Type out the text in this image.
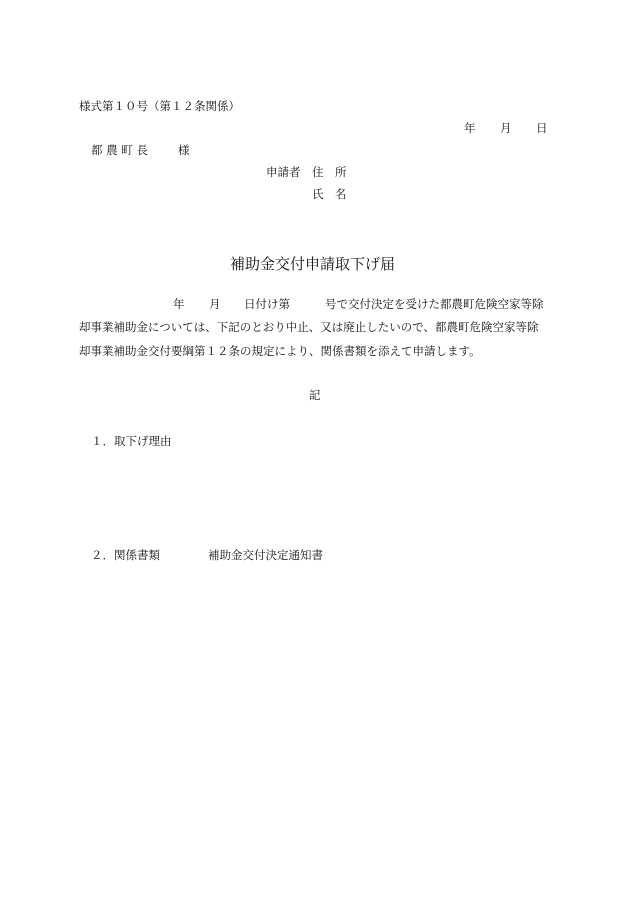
様式第１０号（第１２条関係）
年 月 日
都 農 町 長	様
申請者 住　所
氏　名
補助金交付申請取下げ届
年 月 日付け第	号で交付決定を受けた都農町危険空家等除
却事業補助金については、下記のとおり中止、又は廃止したいので、都農町危険空家等除
却事業補助金交付要綱第１２条の規定により、関係書類を添えて申請します。
記
１．取下げ理由
２．関係書類	補助金交付決定通知書
